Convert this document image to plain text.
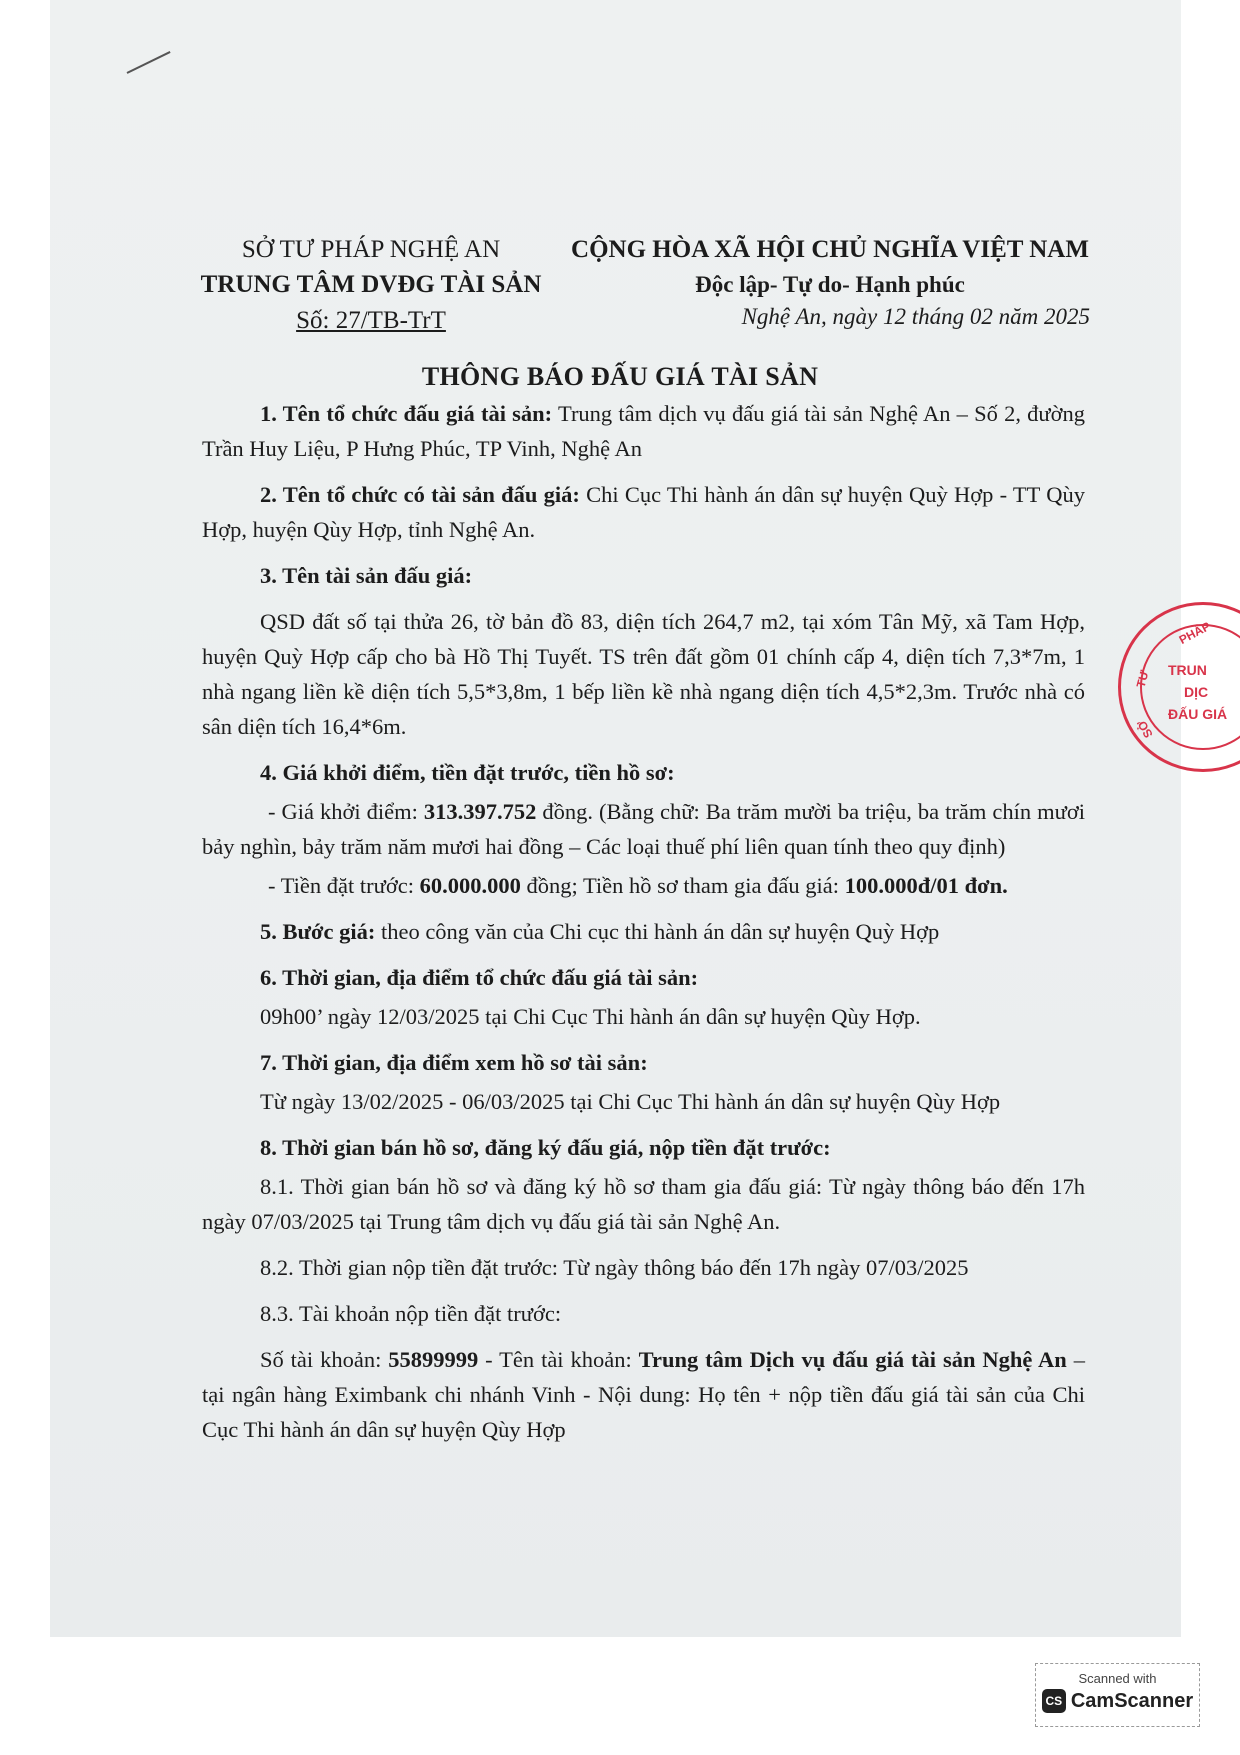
SỞ TƯ PHÁP NGHỆ AN
TRUNG TÂM DVĐG TÀI SẢN
Số: 27/TB-TrT
CỘNG HÒA XÃ HỘI CHỦ NGHĨA VIỆT NAM
Độc lập- Tự do- Hạnh phúc
Nghệ An, ngày 12 tháng 02 năm 2025
THÔNG BÁO ĐẤU GIÁ TÀI SẢN

1. Tên tổ chức đấu giá tài sản: Trung tâm dịch vụ đấu giá tài sản Nghệ An – Số 2, đường Trần Huy Liệu, P Hưng Phúc, TP Vinh, Nghệ An

2. Tên tổ chức có tài sản đấu giá: Chi Cục Thi hành án dân sự huyện Quỳ Hợp - TT Qùy Hợp, huyện Qùy Hợp, tỉnh Nghệ An.

3. Tên tài sản đấu giá:

QSD đất số tại thửa 26, tờ bản đồ 83, diện tích 264,7 m2, tại xóm Tân Mỹ, xã Tam Hợp, huyện Quỳ Hợp cấp cho bà Hồ Thị Tuyết. TS trên đất gồm 01 chính cấp 4, diện tích 7,3*7m, 1 nhà ngang liền kề diện tích 5,5*3,8m, 1 bếp liền kề nhà ngang diện tích 4,5*2,3m. Trước nhà có sân diện tích 16,4*6m.

4. Giá khởi điểm, tiền đặt trước, tiền hồ sơ:

- Giá khởi điểm: 313.397.752 đồng. (Bằng chữ: Ba trăm mười ba triệu, ba trăm chín mươi bảy nghìn, bảy trăm năm mươi hai đồng – Các loại thuế phí liên quan tính theo quy định)

- Tiền đặt trước: 60.000.000 đồng; Tiền hồ sơ tham gia đấu giá: 100.000đ/01 đơn.

5. Bước giá: theo công văn của Chi cục thi hành án dân sự huyện Quỳ Hợp

6. Thời gian, địa điểm tổ chức đấu giá tài sản:

09h00’ ngày 12/03/2025 tại Chi Cục Thi hành án dân sự huyện Qùy Hợp.

7. Thời gian, địa điểm xem hồ sơ tài sản:

Từ ngày 13/02/2025 - 06/03/2025 tại Chi Cục Thi hành án dân sự huyện Qùy Hợp

8. Thời gian bán hồ sơ, đăng ký đấu giá, nộp tiền đặt trước:

8.1. Thời gian bán hồ sơ và đăng ký hồ sơ tham gia đấu giá: Từ ngày thông báo đến 17h ngày 07/03/2025 tại Trung tâm dịch vụ đấu giá tài sản Nghệ An.

8.2. Thời gian nộp tiền đặt trước: Từ ngày thông báo đến 17h ngày 07/03/2025

8.3. Tài khoản nộp tiền đặt trước:

Số tài khoản: 55899999 - Tên tài khoản: Trung tâm Dịch vụ đấu giá tài sản Nghệ An – tại ngân hàng Eximbank chi nhánh Vinh - Nội dung: Họ tên + nộp tiền đấu giá tài sản của Chi Cục Thi hành án dân sự huyện Qùy Hợp

PHÁP
TƯ TRUN
DỊC
ĐẤU GIÁ
SỞ
Scanned with
CS CamScanner
